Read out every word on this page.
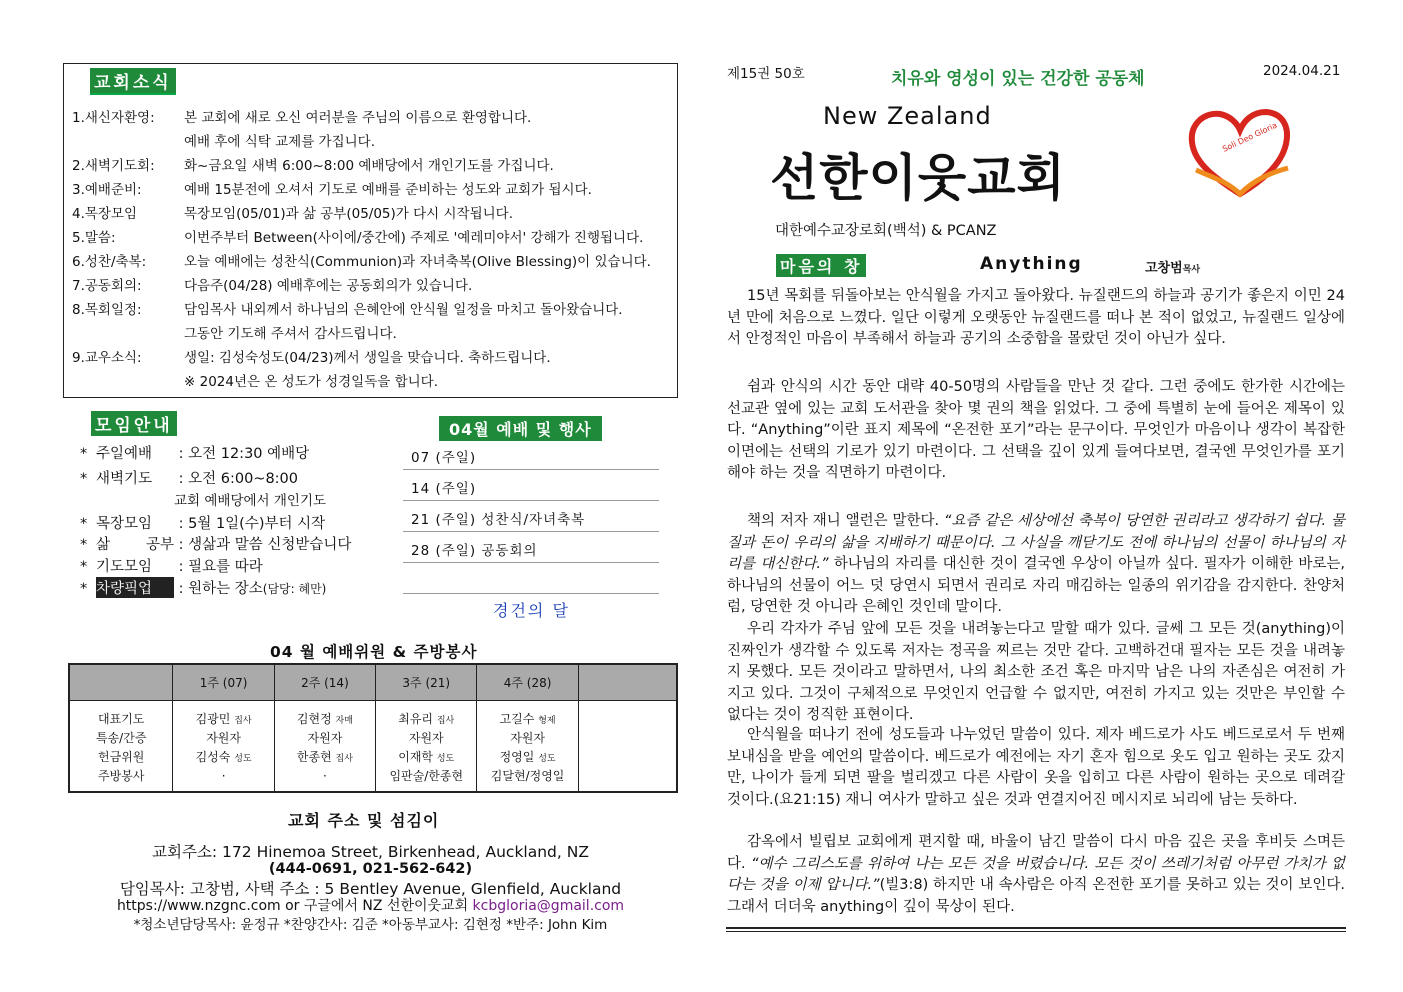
교회소식
1.새신자환영: 본 교회에 새로 오신 여러분을 주님의 이름으로 환영합니다.
예배 후에 식탁 교제를 가집니다.
2.새벽기도회: 화~금요일 새벽 6:00~8:00 예배당에서 개인기도를 가집니다.
3.예배준비:	예배 15분전에 오셔서 기도로 예배를 준비하는 성도와 교회가 됩시다.
4.목장모임	목장모임(05/01)과 삶 공부(05/05)가 다시 시작됩니다.
5.말씀:	이번주부터 Between(사이에/중간에) 주제로 '예레미야서' 강해가 진행됩니다.
6.성찬/축복:	오늘 예배에는 성찬식(Communion)과 자녀축복(Olive Blessing)이 있습니다.
7.공동회의:	다음주(04/28) 예배후에는 공동회의가 있습니다.
8.목회일정:	담임목사 내외께서 하나님의 은혜안에 안식월 일정을 마치고 돌아왔습니다.
그동안 기도해 주셔서 감사드립니다.
9.교우소식:	생일: 김성숙성도(04/23)께서 생일을 맞습니다. 축하드립니다.
※ 2024년은 온 성도가 성경일독을 합니다.
모임안내
* 주일예배 : 오전 12:30 예배당
* 새벽기도 : 오전 6:00~8:00
교회 예배당에서 개인기도
* 목장모임 : 5월 1일(수)부터 시작
* 삶 공부 : 생삶과 말씀 신청받습니다
* 기도모임 : 필요를 따라
* 차량픽업 : 원하는 장소(담당: 혜만)
04월 예배 및 행사
07 (주일)
14 (주일)
21 (주일) 성찬식/자녀축복
28 (주일) 공동회의
경건의 달
04 월 예배위원 & 주방봉사
	1주 (07)	2주 (14)	3주 (21)	4주 (28)	
대표기도	김광민 집사	김현정 자매	최유리 집사	고길수 형제	
특송/간증	자원자	자원자	자원자	자원자	
헌금위원	김성숙 성도	한종현 집사	이재학 성도	정영일 성도	
주방봉사	·	·	임판술/한종현	김달현/정영일	
교회 주소 및 섬김이
교회주소: 172 Hinemoa Street, Birkenhead, Auckland, NZ
(444-0691, 021-562-642)
담임목사: 고창범, 사택 주소 : 5 Bentley Avenue, Glenfield, Auckland
https://www.nzgnc.com or 구글에서 NZ 선한이웃교회 kcbgloria@gmail.com
*청소년담당목사: 윤정규 *찬양간사: 김준 *아동부교사: 김현정 *반주: John Kim
제15권 50호	치유와 영성이 있는 건강한 공동체	2024.04.21
New Zealand
선한이웃교회
대한예수교장로회(백석) & PCANZ
Soli Deo Gloria
마음의 창	Anything	고창범목사
15년 목회를 뒤돌아보는 안식월을 가지고 돌아왔다. 뉴질랜드의 하늘과 공기가 좋은지 이민 24년 만에 처음으로 느꼈다. 일단 이렇게 오랫동안 뉴질랜드를 떠나 본 적이 없었고, 뉴질랜드 일상에서 안정적인 마음이 부족해서 하늘과 공기의 소중함을 몰랐던 것이 아닌가 싶다.
쉼과 안식의 시간 동안 대략 40-50명의 사람들을 만난 것 같다. 그런 중에도 한가한 시간에는 선교관 옆에 있는 교회 도서관을 찾아 몇 권의 책을 읽었다. 그 중에 특별히 눈에 들어온 제목이 있다. “Anything”이란 표지 제목에 “온전한 포기”라는 문구이다. 무엇인가 마음이나 생각이 복잡한 이면에는 선택의 기로가 있기 마련이다. 그 선택을 깊이 있게 들여다보면, 결국엔 무엇인가를 포기해야 하는 것을 직면하기 마련이다.
책의 저자 재니 앨런은 말한다. “요즘 같은 세상에선 축복이 당연한 권리라고 생각하기 쉽다. 물질과 돈이 우리의 삶을 지배하기 때문이다. 그 사실을 깨닫기도 전에 하나님의 선물이 하나님의 자리를 대신한다.” 하나님의 자리를 대신한 것이 결국엔 우상이 아닐까 싶다. 필자가 이해한 바로는, 하나님의 선물이 어느 덧 당연시 되면서 권리로 자리 매김하는 일종의 위기감을 감지한다. 찬양처럼, 당연한 것 아니라 은혜인 것인데 말이다.
우리 각자가 주님 앞에 모든 것을 내려놓는다고 말할 때가 있다. 글쎄 그 모든 것(anything)이 진짜인가 생각할 수 있도록 저자는 정곡을 찌르는 것만 같다. 고백하건대 필자는 모든 것을 내려놓지 못했다. 모든 것이라고 말하면서, 나의 최소한 조건 혹은 마지막 남은 나의 자존심은 여전히 가지고 있다. 그것이 구체적으로 무엇인지 언급할 수 없지만, 여전히 가지고 있는 것만은 부인할 수 없다는 것이 정직한 표현이다.
안식월을 떠나기 전에 성도들과 나누었던 말씀이 있다. 제자 베드로가 사도 베드로로서 두 번째 보내심을 받을 예언의 말씀이다. 베드로가 예전에는 자기 혼자 힘으로 옷도 입고 원하는 곳도 갔지만, 나이가 들게 되면 팔을 벌리겠고 다른 사람이 옷을 입히고 다른 사람이 원하는 곳으로 데려갈 것이다.(요21:15) 재니 여사가 말하고 싶은 것과 연결지어진 메시지로 뇌리에 남는 듯하다.
감옥에서 빌립보 교회에게 편지할 때, 바울이 남긴 말씀이 다시 마음 깊은 곳을 후비듯 스며든다. “예수 그리스도를 위하여 나는 모든 것을 버렸습니다. 모든 것이 쓰레기처럼 아무런 가치가 없다는 것을 이제 압니다.”(빌3:8) 하지만 내 속사람은 아직 온전한 포기를 못하고 있는 것이 보인다. 그래서 더더욱 anything이 깊이 묵상이 된다.
